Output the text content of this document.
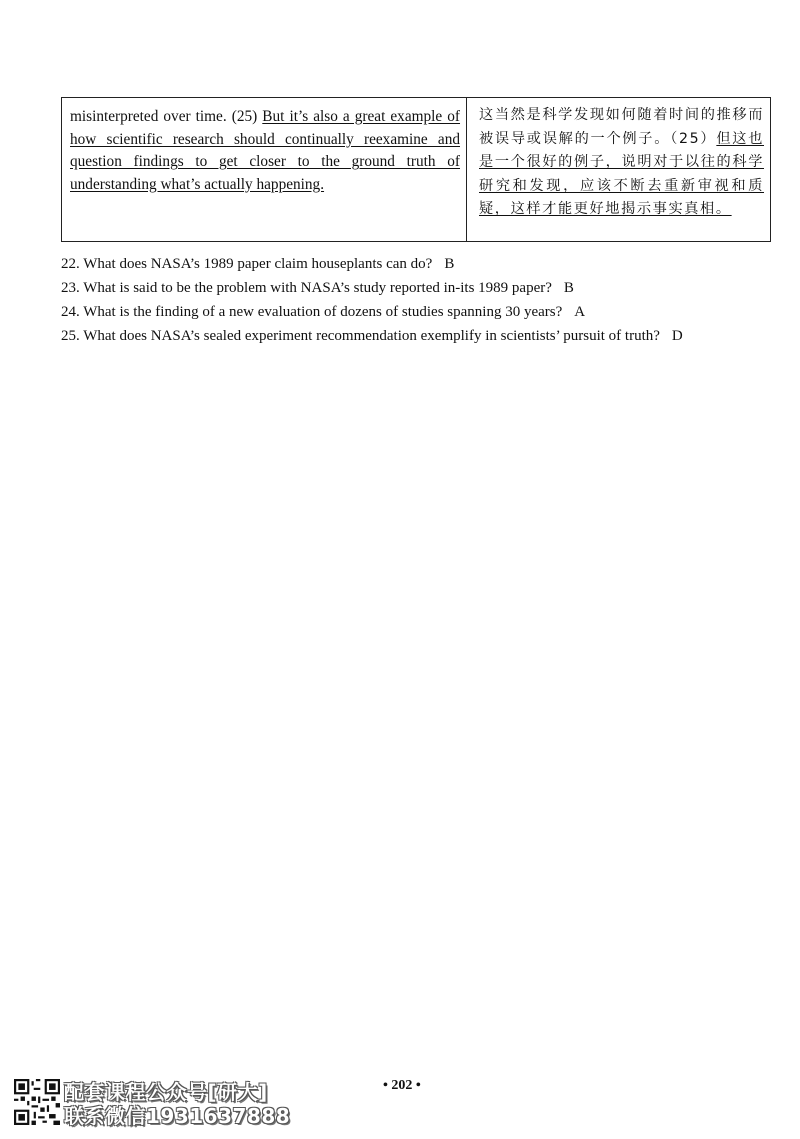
misinterpreted over time. (25) But it’s also a great example of how scientific research should continually reexamine and question findings to get closer to the ground truth of understanding what’s actually happening.
这当然是科学发现如何随着时间的推移而被误导或误解的一个例子。（25）但这也是一个很好的例子，说明对于以往的科学研究和发现，应该不断去重新审视和质疑，这样才能更好地揭示事实真相。
22. What does NASA’s 1989 paper claim houseplants can do? B
23. What is said to be the problem with NASA’s study reported in-its 1989 paper? B
24. What is the finding of a new evaluation of dozens of studies spanning 30 years? A
25. What does NASA’s sealed experiment recommendation exemplify in scientists’ pursuit of truth? D
• 202 •
配套课程公众号[研大]
联系微信1931637888
